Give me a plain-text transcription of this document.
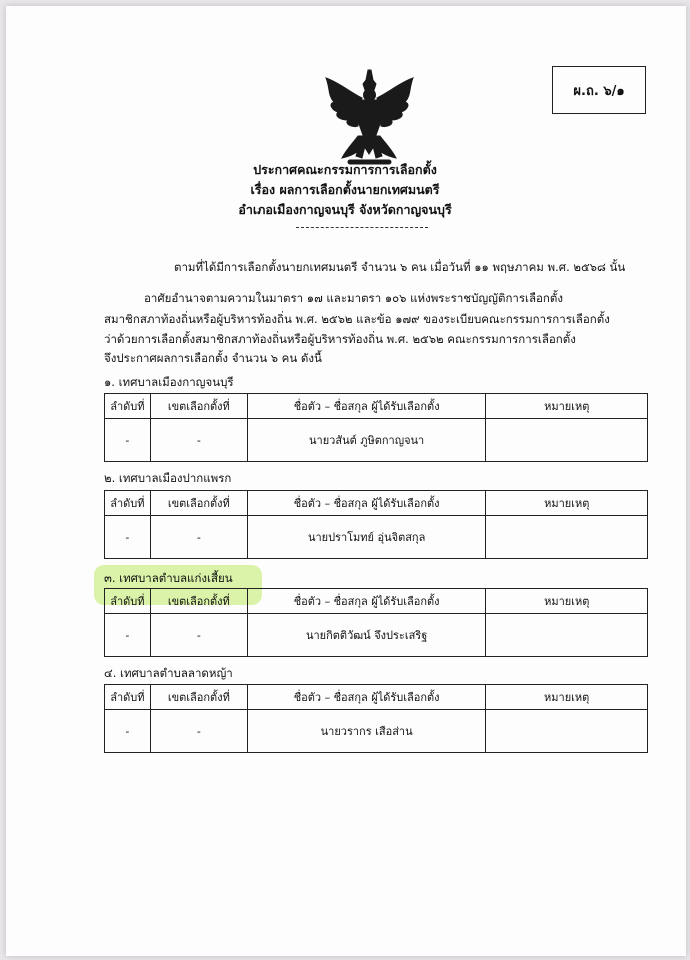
ผ.ถ. ๖/๑
ประกาศคณะกรรมการการเลือกตั้ง
เรื่อง ผลการเลือกตั้งนายกเทศมนตรี
อำเภอเมืองกาญจนบุรี จังหวัดกาญจนบุรี
ตามที่ได้มีการเลือกตั้งนายกเทศมนตรี จำนวน ๖ คน เมื่อวันที่ ๑๑ พฤษภาคม พ.ศ. ๒๕๖๘ นั้น
อาศัยอำนาจตามความในมาตรา ๑๗ และมาตรา ๑๐๖ แห่งพระราชบัญญัติการเลือกตั้ง
สมาชิกสภาท้องถิ่นหรือผู้บริหารท้องถิ่น พ.ศ. ๒๕๖๒ และข้อ ๑๗๙ ของระเบียบคณะกรรมการการเลือกตั้ง
ว่าด้วยการเลือกตั้งสมาชิกสภาท้องถิ่นหรือผู้บริหารท้องถิ่น พ.ศ. ๒๕๖๒ คณะกรรมการการเลือกตั้ง
จึงประกาศผลการเลือกตั้ง จำนวน ๖ คน ดังนี้
๑. เทศบาลเมืองกาญจนบุรี
ลำดับที่	เขตเลือกตั้งที่	ชื่อตัว – ชื่อสกุล ผู้ได้รับเลือกตั้ง	หมายเหตุ
-	-	นายวสันต์ ภูษิตกาญจนา	
๒. เทศบาลเมืองปากแพรก
ลำดับที่	เขตเลือกตั้งที่	ชื่อตัว – ชื่อสกุล ผู้ได้รับเลือกตั้ง	หมายเหตุ
-	-	นายปราโมทย์ อุ่นจิตสกุล	
๓. เทศบาลตำบลแก่งเสี้ยน
ลำดับที่	เขตเลือกตั้งที่	ชื่อตัว – ชื่อสกุล ผู้ได้รับเลือกตั้ง	หมายเหตุ
-	-	นายกิตติวัฒน์ จึงประเสริฐ	
๔. เทศบาลตำบลลาดหญ้า
ลำดับที่	เขตเลือกตั้งที่	ชื่อตัว – ชื่อสกุล ผู้ได้รับเลือกตั้ง	หมายเหตุ
-	-	นายวรากร เสือส่าน	
